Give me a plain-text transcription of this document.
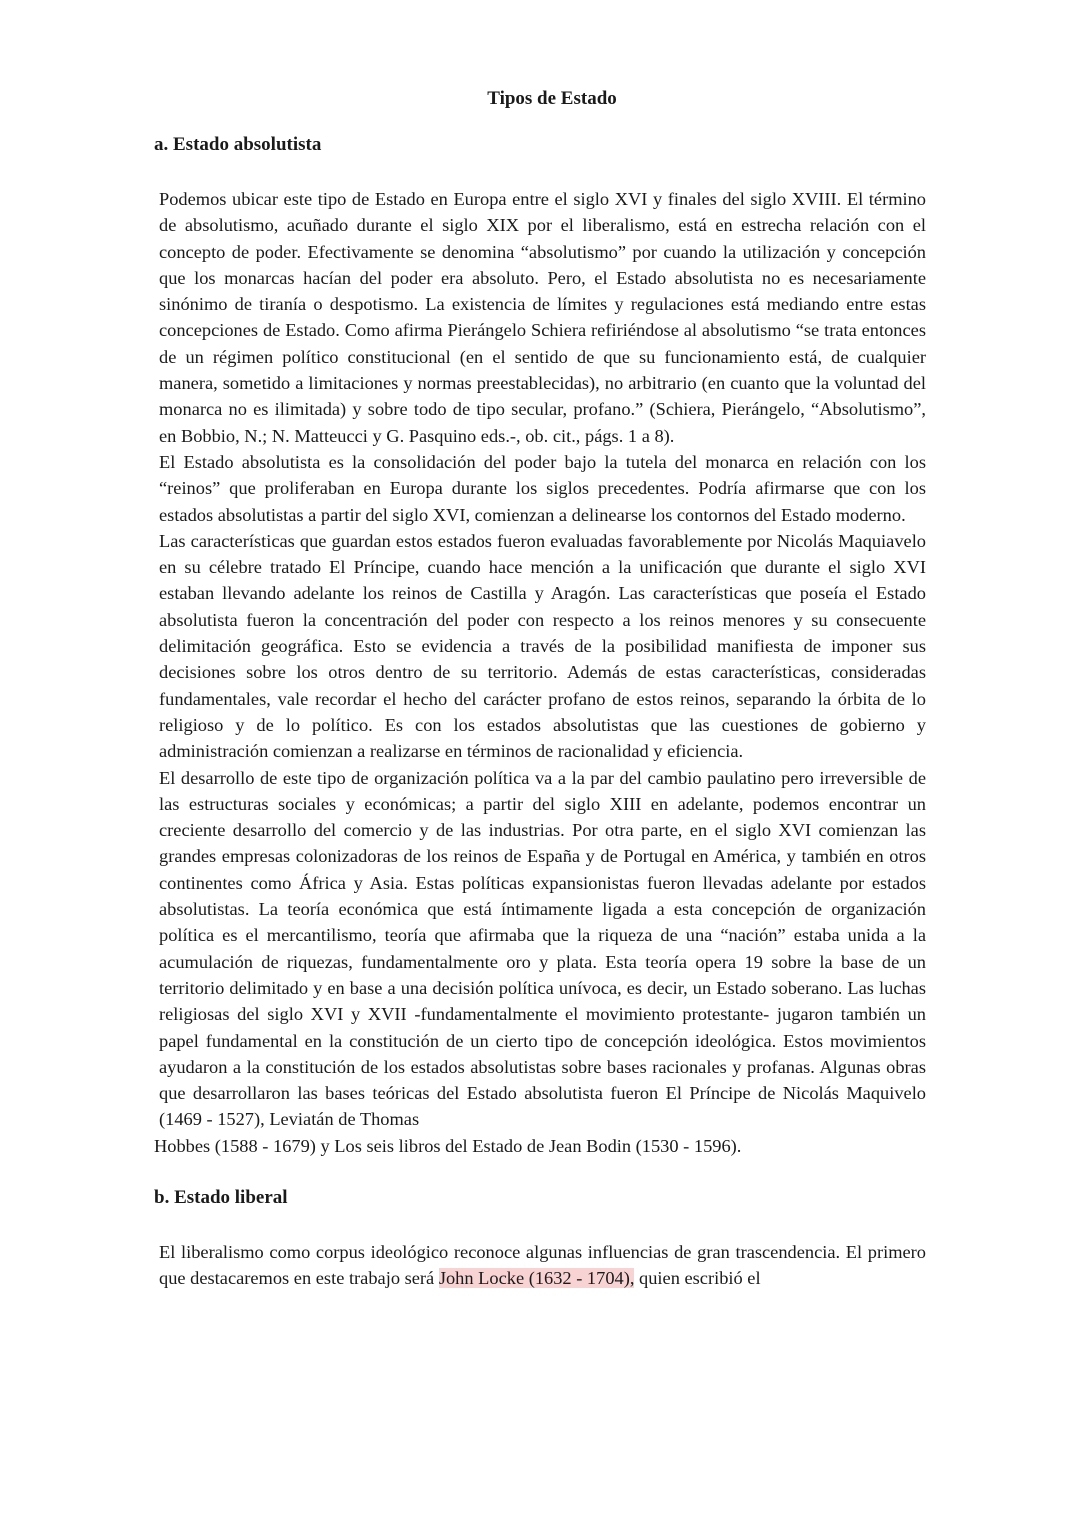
Tipos de Estado
a. Estado absolutista

Podemos ubicar este tipo de Estado en Europa entre el siglo XVI y finales del siglo XVIII. El término de absolutismo, acuñado durante el siglo XIX por el liberalismo, está en estrecha relación con el concepto de poder. Efectivamente se denomina “absolutismo” por cuando la utilización y concepción que los monarcas hacían del poder era absoluto. Pero, el Estado absolutista no es necesariamente sinónimo de tiranía o despotismo. La existencia de límites y regulaciones está mediando entre estas concepciones de Estado. Como afirma Pierángelo Schiera refiriéndose al absolutismo “se trata entonces de un régimen político constitucional (en el sentido de que su funcionamiento está, de cualquier manera, sometido a limitaciones y normas preestablecidas), no arbitrario (en cuanto que la voluntad del monarca no es ilimitada) y sobre todo de tipo secular, profano.” (Schiera, Pierángelo, “Absolutismo”, en Bobbio, N.; N. Matteucci y G. Pasquino eds.-, ob. cit., págs. 1 a 8).

El Estado absolutista es la consolidación del poder bajo la tutela del monarca en relación con los “reinos” que proliferaban en Europa durante los siglos precedentes. Podría afirmarse que con los estados absolutistas a partir del siglo XVI, comienzan a delinearse los contornos del Estado moderno.

Las características que guardan estos estados fueron evaluadas favorablemente por Nicolás Maquiavelo en su célebre tratado El Príncipe, cuando hace mención a la unificación que durante el siglo XVI estaban llevando adelante los reinos de Castilla y Aragón. Las características que poseía el Estado absolutista fueron la concentración del poder con respecto a los reinos menores y su consecuente delimitación geográfica. Esto se evidencia a través de la posibilidad manifiesta de imponer sus decisiones sobre los otros dentro de su territorio. Además de estas características, consideradas fundamentales, vale recordar el hecho del carácter profano de estos reinos, separando la órbita de lo religioso y de lo político. Es con los estados absolutistas que las cuestiones de gobierno y administración comienzan a realizarse en términos de racionalidad y eficiencia.

El desarrollo de este tipo de organización política va a la par del cambio paulatino pero irreversible de las estructuras sociales y económicas; a partir del siglo XIII en adelante, podemos encontrar un creciente desarrollo del comercio y de las industrias. Por otra parte, en el siglo XVI comienzan las grandes empresas colonizadoras de los reinos de España y de Portugal en América, y también en otros continentes como África y Asia. Estas políticas expansionistas fueron llevadas adelante por estados absolutistas. La teoría económica que está íntimamente ligada a esta concepción de organización política es el mercantilismo, teoría que afirmaba que la riqueza de una “nación” estaba unida a la acumulación de riquezas, fundamentalmente oro y plata. Esta teoría opera 19 sobre la base de un territorio delimitado y en base a una decisión política unívoca, es decir, un Estado soberano. Las luchas religiosas del siglo XVI y XVII -fundamentalmente el movimiento protestante- jugaron también un papel fundamental en la constitución de un cierto tipo de concepción ideológica. Estos movimientos ayudaron a la constitución de los estados absolutistas sobre bases racionales y profanas. Algunas obras que desarrollaron las bases teóricas del Estado absolutista fueron El Príncipe de Nicolás Maquivelo (1469 - 1527), Leviatán de Thomas

Hobbes (1588 - 1679) y Los seis libros del Estado de Jean Bodin (1530 - 1596).

b. Estado liberal

El liberalismo como corpus ideológico reconoce algunas influencias de gran trascendencia. El primero que destacaremos en este trabajo será John Locke (1632 - 1704), quien escribió el
